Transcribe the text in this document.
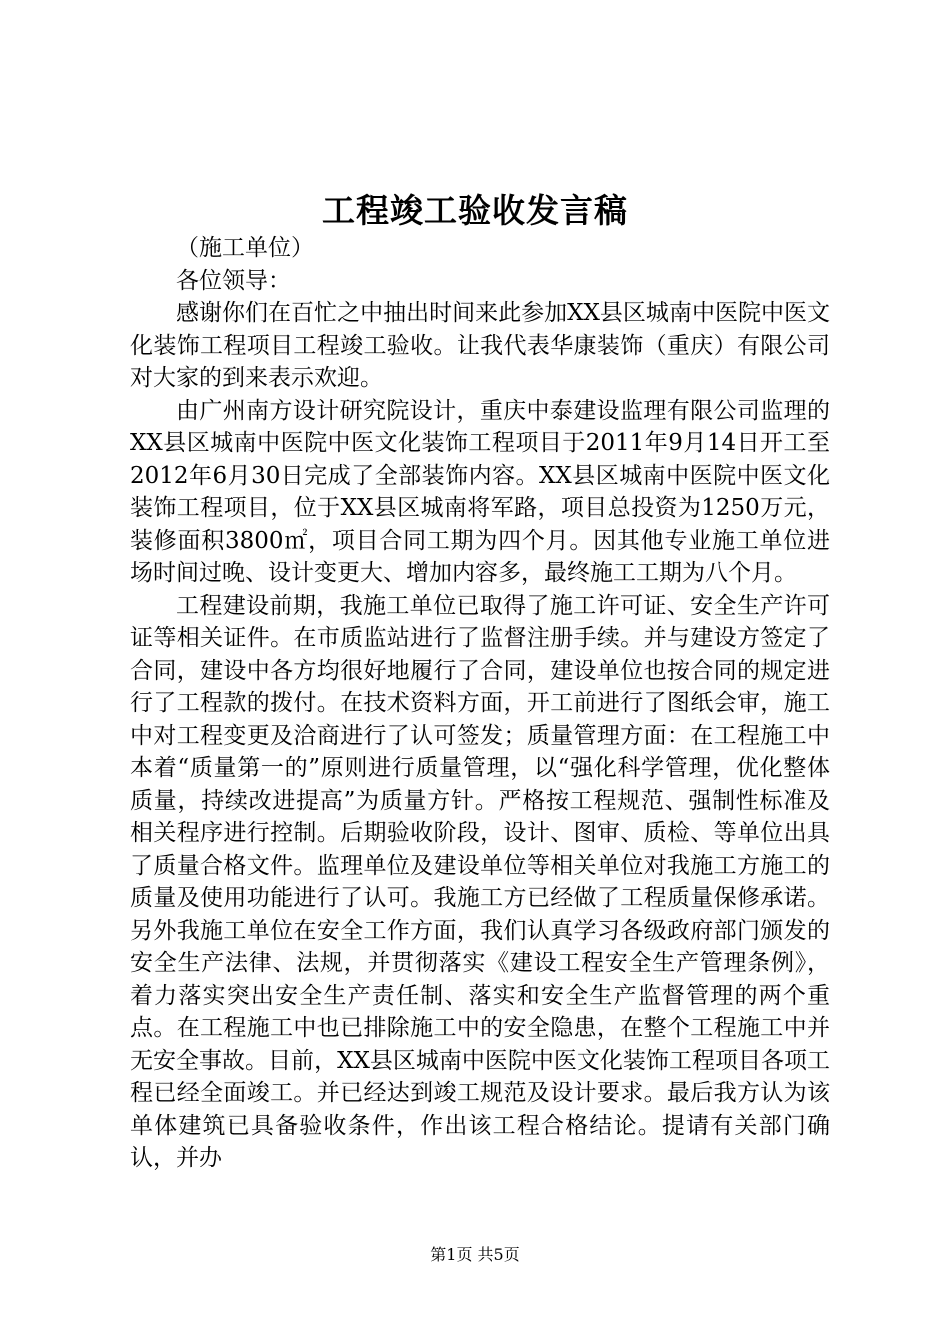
工程竣工验收发言稿

（施工单位）

各位领导：

感谢你们在百忙之中抽出时间来此参加XX县区城南中医院中医文化装饰工程项目工程竣工验收。让我代表华康装饰（重庆）有限公司对大家的到来表示欢迎。

由广州南方设计研究院设计，重庆中泰建设监理有限公司监理的XX县区城南中医院中医文化装饰工程项目于2011年9月14日开工至2012年6月30日完成了全部装饰内容。XX县区城南中医院中医文化装饰工程项目，位于XX县区城南将军路，项目总投资为1250万元，装修面积3800㎡，项目合同工期为四个月。因其他专业施工单位进场时间过晚、设计变更大、增加内容多，最终施工工期为八个月。

工程建设前期，我施工单位已取得了施工许可证、安全生产许可证等相关证件。在市质监站进行了监督注册手续。并与建设方签定了合同，建设中各方均很好地履行了合同，建设单位也按合同的规定进行了工程款的拨付。在技术资料方面，开工前进行了图纸会审，施工中对工程变更及洽商进行了认可签发；质量管理方面：在工程施工中本着“质量第一的”原则进行质量管理，以“强化科学管理，优化整体质量，持续改进提高”为质量方针。严格按工程规范、强制性标准及相关程序进行控制。后期验收阶段，设计、图审、质检、等单位出具了质量合格文件。监理单位及建设单位等相关单位对我施工方施工的质量及使用功能进行了认可。我施工方已经做了工程质量保修承诺。另外我施工单位在安全工作方面，我们认真学习各级政府部门颁发的安全生产法律、法规，并贯彻落实《建设工程安全生产管理条例》，着力落实突出安全生产责任制、落实和安全生产监督管理的两个重点。在工程施工中也已排除施工中的安全隐患，在整个工程施工中并无安全事故。目前，XX县区城南中医院中医文化装饰工程项目各项工程已经全面竣工。并已经达到竣工规范及设计要求。最后我方认为该单体建筑已具备验收条件，作出该工程合格结论。提请有关部门确认，并办

第1页 共5页
